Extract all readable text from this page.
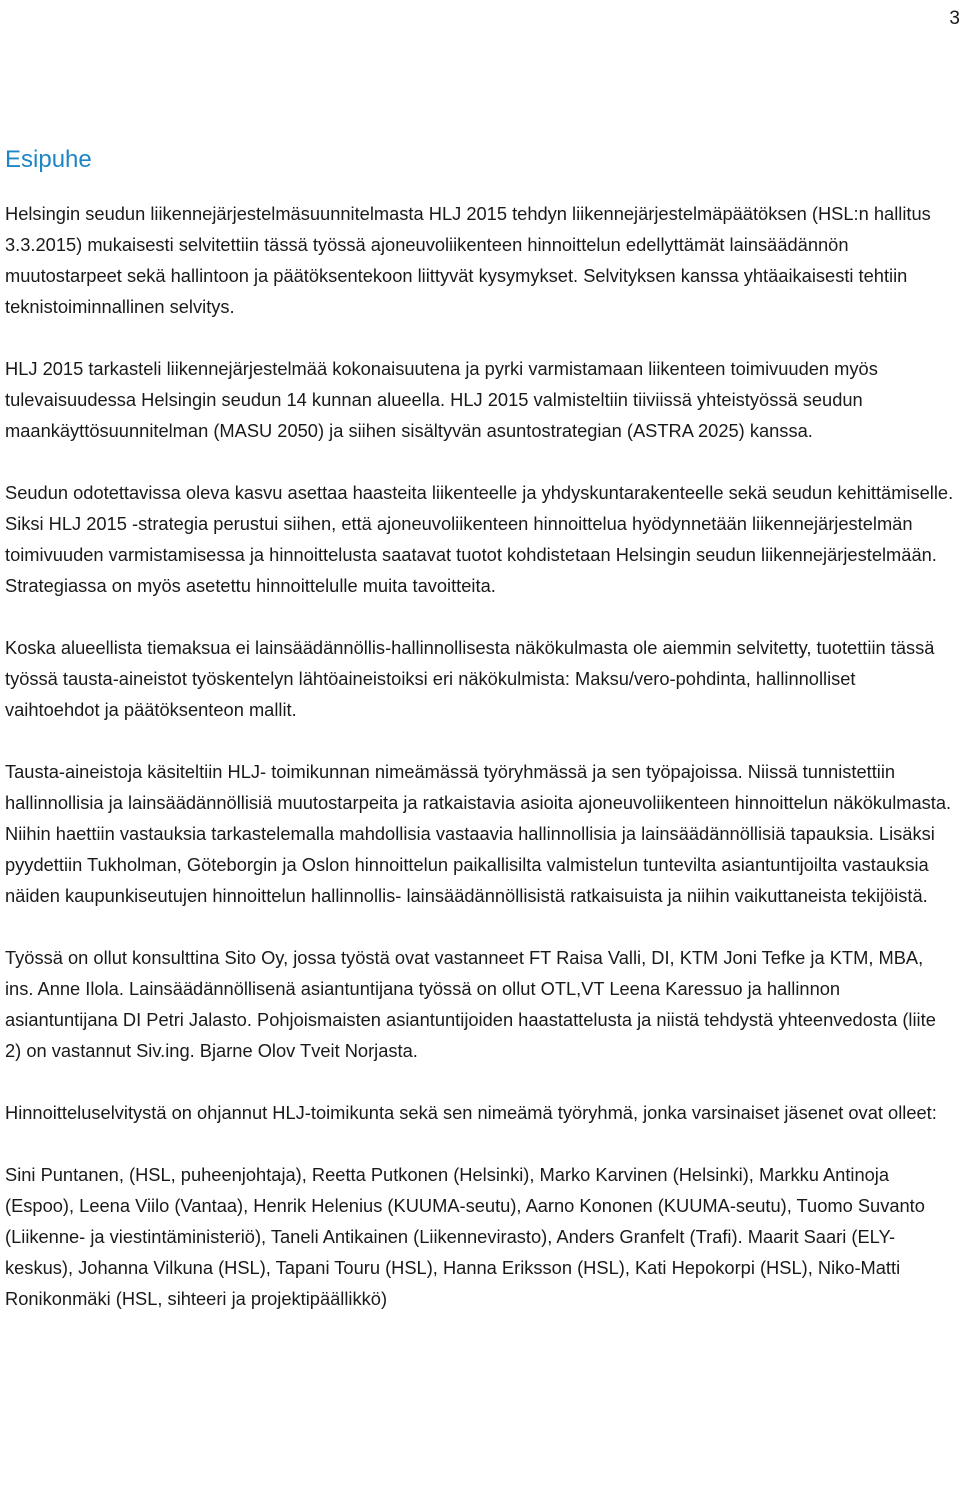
3
Esipuhe

Helsingin seudun liikennejärjestelmäsuunnitelmasta HLJ 2015 tehdyn liikennejärjestelmäpäätöksen (HSL:n hallitus 3.3.2015) mukaisesti selvitettiin tässä työssä ajoneuvoliikenteen hinnoittelun edellyttämät lainsäädännön muutostarpeet sekä hallintoon ja päätöksentekoon liittyvät kysymykset. Selvityksen kanssa yhtäaikaisesti tehtiin teknistoiminnallinen selvitys.

HLJ 2015 tarkasteli liikennejärjestelmää kokonaisuutena ja pyrki varmistamaan liikenteen toimivuuden myös tulevaisuudessa Helsingin seudun 14 kunnan alueella. HLJ 2015 valmisteltiin tiiviissä yhteistyössä seudun maankäyttösuunnitelman (MASU 2050) ja siihen sisältyvän asuntostrategian (ASTRA 2025) kanssa.

Seudun odotettavissa oleva kasvu asettaa haasteita liikenteelle ja yhdyskuntarakenteelle sekä seudun kehittämiselle. Siksi HLJ 2015 -strategia perustui siihen, että ajoneuvoliikenteen hinnoittelua hyödynnetään liikennejärjestelmän toimivuuden varmistamisessa ja hinnoittelusta saatavat tuotot kohdistetaan Helsingin seudun liikennejärjestelmään. Strategiassa on myös asetettu hinnoittelulle muita tavoitteita.

Koska alueellista tiemaksua ei lainsäädännöllis-hallinnollisesta näkökulmasta ole aiemmin selvitetty, tuotettiin tässä työssä tausta-aineistot työskentelyn lähtöaineistoiksi eri näkökulmista: Maksu/vero-pohdinta, hallinnolliset vaihtoehdot ja päätöksenteon mallit.

Tausta-aineistoja käsiteltiin HLJ- toimikunnan nimeämässä työryhmässä ja sen työpajoissa. Niissä tunnistettiin hallinnollisia ja lainsäädännöllisiä muutostarpeita ja ratkaistavia asioita ajoneuvoliikenteen hinnoittelun näkökulmasta. Niihin haettiin vastauksia tarkastelemalla mahdollisia vastaavia hallinnollisia ja lainsäädännöllisiä tapauksia. Lisäksi pyydettiin Tukholman, Göteborgin ja Oslon hinnoittelun paikallisilta valmistelun tuntevilta asiantuntijoilta vastauksia näiden kaupunkiseutujen hinnoittelun hallinnollis- lainsäädännöllisistä ratkaisuista ja niihin vaikuttaneista tekijöistä.

Työssä on ollut konsulttina Sito Oy, jossa työstä ovat vastanneet FT Raisa Valli, DI, KTM Joni Tefke ja KTM, MBA, ins. Anne Ilola. Lainsäädännöllisenä asiantuntijana työssä on ollut OTL,VT Leena Karessuo ja hallinnon asiantuntijana DI Petri Jalasto. Pohjoismaisten asiantuntijoiden haastattelusta ja niistä tehdystä yhteenvedosta (liite 2) on vastannut Siv.ing. Bjarne Olov Tveit Norjasta.

Hinnoitteluselvitystä on ohjannut HLJ-toimikunta sekä sen nimeämä työryhmä, jonka varsinaiset jäsenet ovat olleet:

Sini Puntanen, (HSL, puheenjohtaja), Reetta Putkonen (Helsinki), Marko Karvinen (Helsinki), Markku Antinoja (Espoo), Leena Viilo (Vantaa), Henrik Helenius (KUUMA-seutu), Aarno Kononen (KUUMA-seutu), Tuomo Suvanto (Liikenne- ja viestintäministeriö), Taneli Antikainen (Liikennevirasto), Anders Granfelt (Trafi). Maarit Saari (ELY-keskus), Johanna Vilkuna (HSL), Tapani Touru (HSL), Hanna Eriksson (HSL), Kati Hepokorpi (HSL), Niko-Matti Ronikonmäki (HSL, sihteeri ja projektipäällikkö)
